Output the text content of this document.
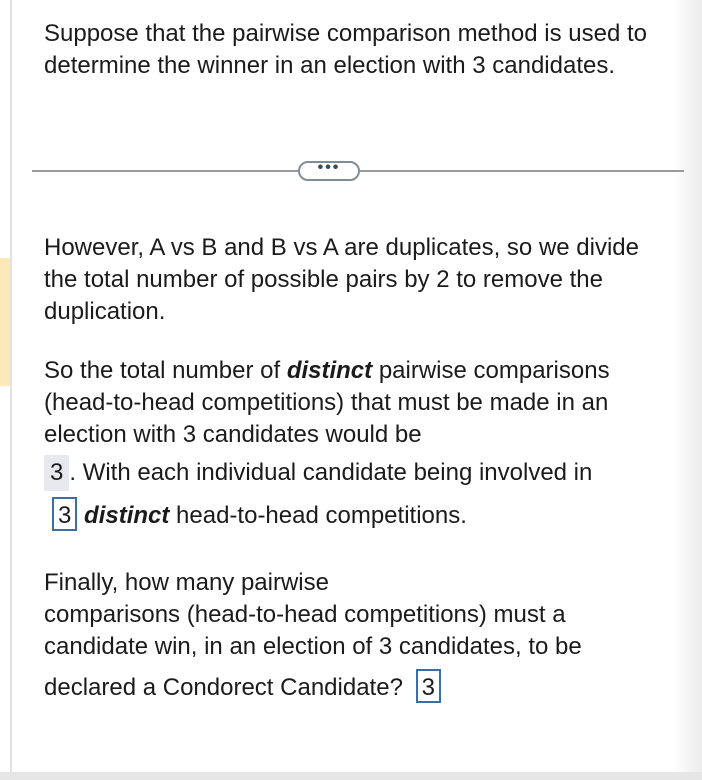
Suppose that the pairwise comparison method is used to determine the winner in an election with 3 candidates.

•••

However, A vs B and B vs A are duplicates, so we divide the total number of possible pairs by 2 to remove the duplication.

So the total number of distinct pairwise comparisons (head-to-head competitions) that must be made in an election with 3 candidates would be
3 . With each individual candidate being involved in
3 distinct head-to-head competitions.
Finally, how many pairwise
comparisons (head-to-head competitions) must a candidate win, in an election of 3 candidates, to be
declared a Condorect Candidate? 3
